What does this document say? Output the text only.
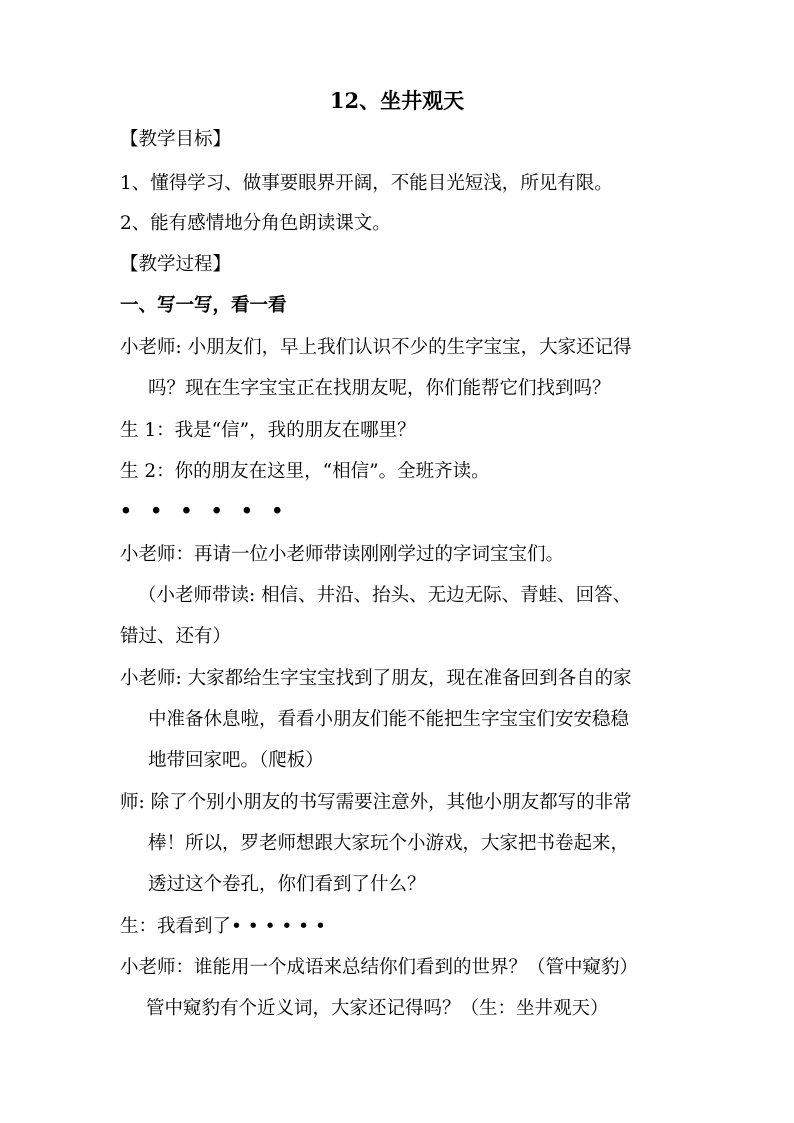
12、坐井观天
【教学目标】
1、懂得学习、做事要眼界开阔，不能目光短浅，所见有限。
2、能有感情地分角色朗读课文。
【教学过程】
一、写一写，看一看
小老师: 小朋友们，早上我们认识不少的生字宝宝，大家还记得
吗？现在生字宝宝正在找朋友呢，你们能帮它们找到吗？
生 1：我是“信”，我的朋友在哪里？
生 2：你的朋友在这里，“相信”。全班齐读。
• • • • • •
小老师：再请一位小老师带读刚刚学过的字词宝宝们。
（小老师带读: 相信、井沿、抬头、无边无际、青蛙、回答、
错过、还有）
小老师: 大家都给生字宝宝找到了朋友，现在准备回到各自的家
中准备休息啦，看看小朋友们能不能把生字宝宝们安安稳稳
地带回家吧。（爬板）
师: 除了个别小朋友的书写需要注意外，其他小朋友都写的非常
棒！所以，罗老师想跟大家玩个小游戏，大家把书卷起来，
透过这个卷孔，你们看到了什么？
生：我看到了• • • • • •
小老师：谁能用一个成语来总结你们看到的世界？（管中窥豹）
管中窥豹有个近义词，大家还记得吗？（生：坐井观天）
